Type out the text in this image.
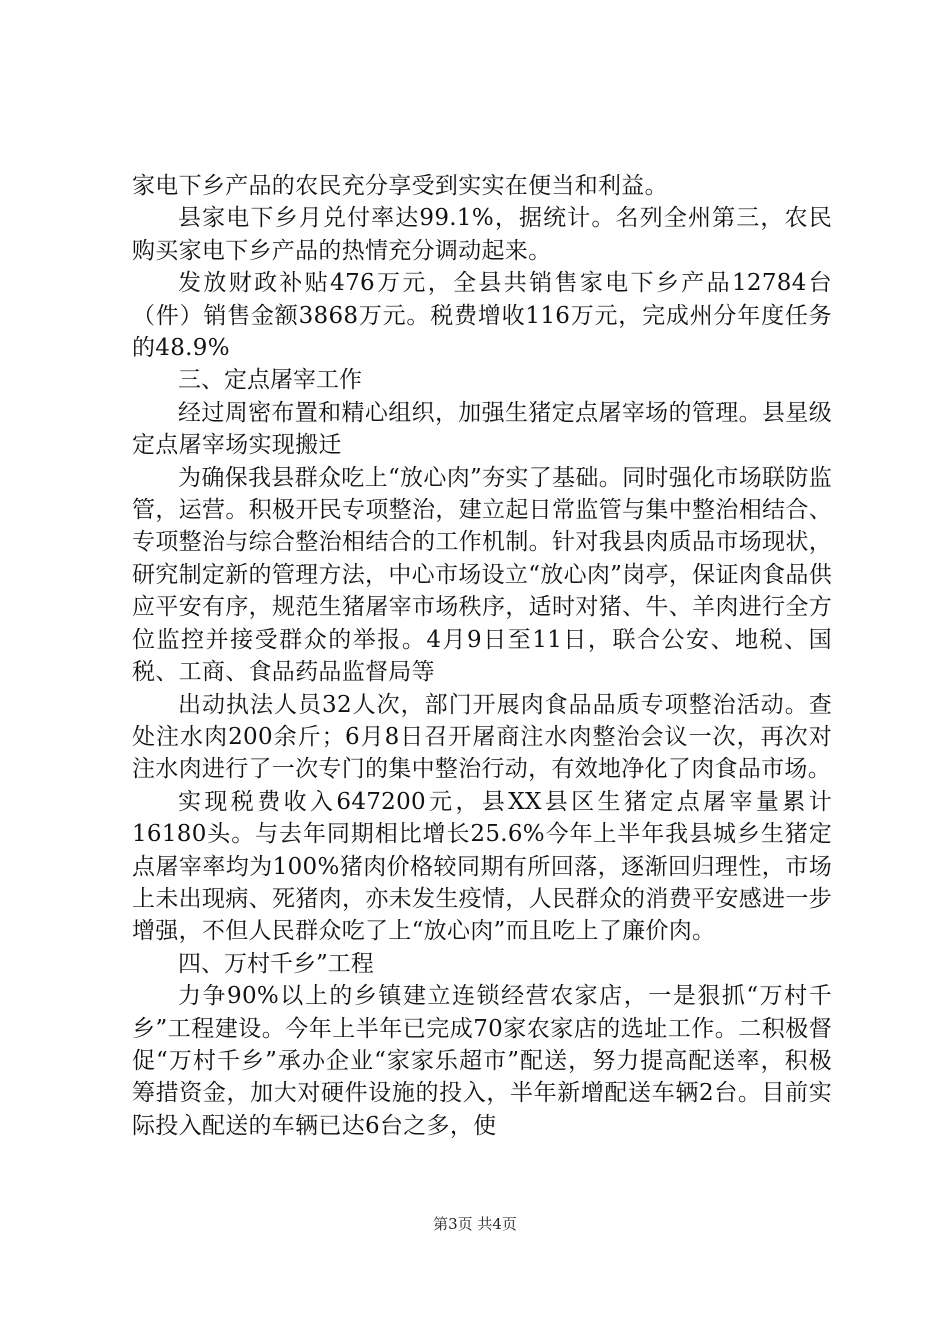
家电下乡产品的农民充分享受到实实在便当和利益。

县家电下乡月兑付率达99.1%，据统计。名列全州第三，农民购买家电下乡产品的热情充分调动起来。

发放财政补贴476万元，全县共销售家电下乡产品12784台（件）销售金额3868万元。税费增收116万元，完成州分年度任务的48.9%

三、定点屠宰工作

经过周密布置和精心组织，加强生猪定点屠宰场的管理。县星级定点屠宰场实现搬迁

为确保我县群众吃上“放心肉”夯实了基础。同时强化市场联防监管，运营。积极开民专项整治，建立起日常监管与集中整治相结合、专项整治与综合整治相结合的工作机制。针对我县肉质品市场现状，研究制定新的管理方法，中心市场设立“放心肉”岗亭，保证肉食品供应平安有序，规范生猪屠宰市场秩序，适时对猪、牛、羊肉进行全方位监控并接受群众的举报。4月9日至11日，联合公安、地税、国税、工商、食品药品监督局等

出动执法人员32人次，部门开展肉食品品质专项整治活动。查处注水肉200余斤；6月8日召开屠商注水肉整治会议一次，再次对注水肉进行了一次专门的集中整治行动，有效地净化了肉食品市场。

实现税费收入647200元，县XX县区生猪定点屠宰量累计16180头。与去年同期相比增长25.6%今年上半年我县城乡生猪定点屠宰率均为100%猪肉价格较同期有所回落，逐渐回归理性，市场上未出现病、死猪肉，亦未发生疫情，人民群众的消费平安感进一步增强，不但人民群众吃了上“放心肉”而且吃上了廉价肉。

四、万村千乡”工程

力争90%以上的乡镇建立连锁经营农家店，一是狠抓“万村千乡”工程建设。今年上半年已完成70家农家店的选址工作。二积极督促“万村千乡”承办企业“家家乐超市”配送，努力提高配送率，积极筹措资金，加大对硬件设施的投入，半年新增配送车辆2台。目前实际投入配送的车辆已达6台之多，使

第3页 共4页
